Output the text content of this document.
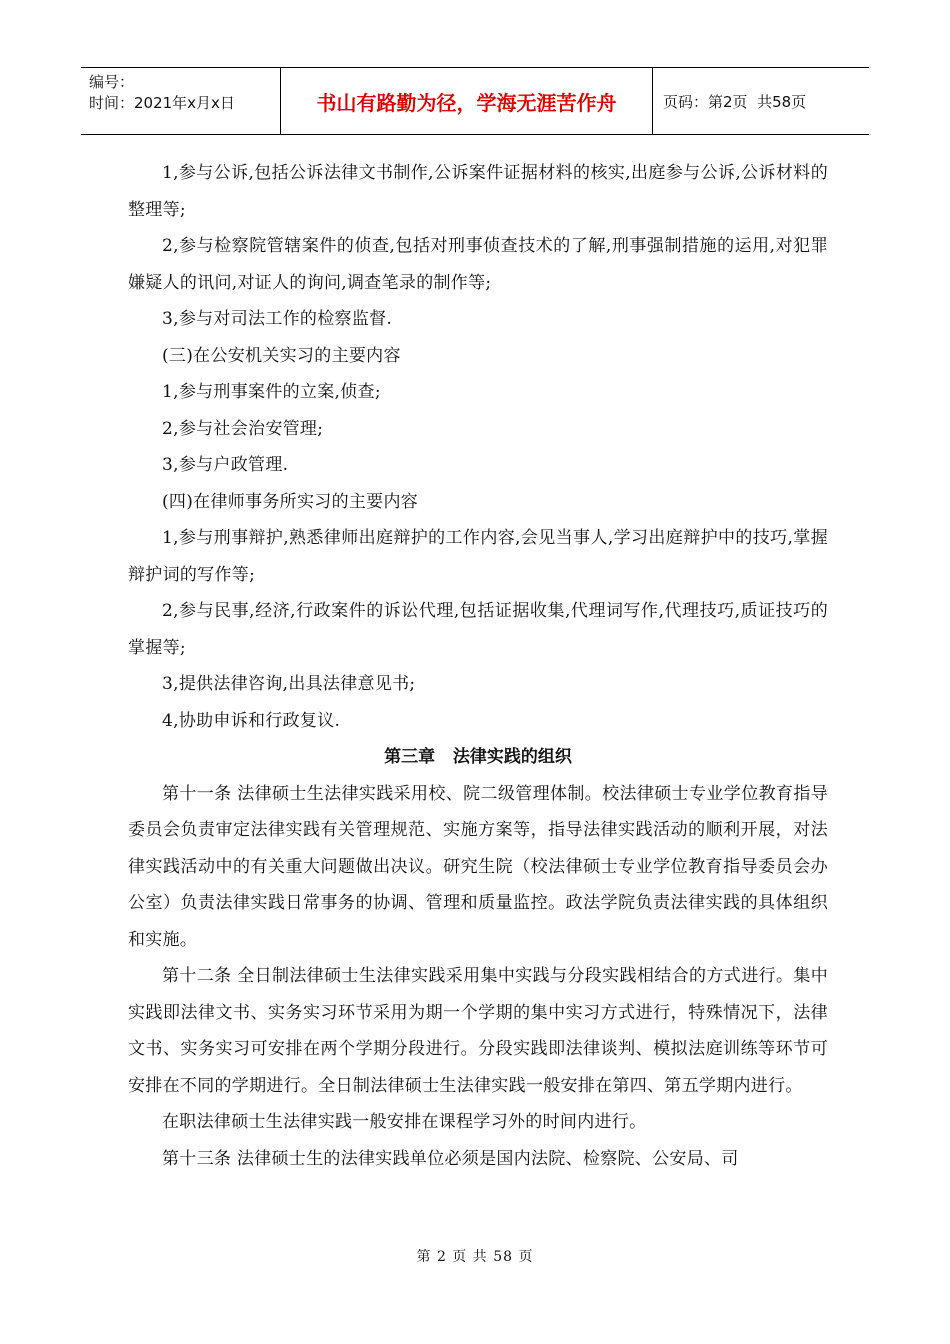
编号：
时间：2021年x月x日	书山有路勤为径，学海无涯苦作舟	页码：第2页  共58页

1,参与公诉,包括公诉法律文书制作,公诉案件证据材料的核实,出庭参与公诉,公诉材料的整理等;

2,参与检察院管辖案件的侦查,包括对刑事侦查技术的了解,刑事强制措施的运用,对犯罪嫌疑人的讯问,对证人的询问,调查笔录的制作等;

3,参与对司法工作的检察监督.

(三)在公安机关实习的主要内容

1,参与刑事案件的立案,侦查;

2,参与社会治安管理;

3,参与户政管理.

(四)在律师事务所实习的主要内容

1,参与刑事辩护,熟悉律师出庭辩护的工作内容,会见当事人,学习出庭辩护中的技巧,掌握辩护词的写作等;

2,参与民事,经济,行政案件的诉讼代理,包括证据收集,代理词写作,代理技巧,质证技巧的掌握等;

3,提供法律咨询,出具法律意见书;

4,协助申诉和行政复议.

第三章   法律实践的组织

第十一条 法律硕士生法律实践采用校、院二级管理体制。校法律硕士专业学位教育指导委员会负责审定法律实践有关管理规范、实施方案等，指导法律实践活动的顺利开展，对法律实践活动中的有关重大问题做出决议。研究生院（校法律硕士专业学位教育指导委员会办公室）负责法律实践日常事务的协调、管理和质量监控。政法学院负责法律实践的具体组织和实施。

第十二条 全日制法律硕士生法律实践采用集中实践与分段实践相结合的方式进行。集中实践即法律文书、实务实习环节采用为期一个学期的集中实习方式进行，特殊情况下，法律文书、实务实习可安排在两个学期分段进行。分段实践即法律谈判、模拟法庭训练等环节可安排在不同的学期进行。全日制法律硕士生法律实践一般安排在第四、第五学期内进行。

在职法律硕士生法律实践一般安排在课程学习外的时间内进行。

第十三条 法律硕士生的法律实践单位必须是国内法院、检察院、公安局、司

第 2 页 共 58 页
